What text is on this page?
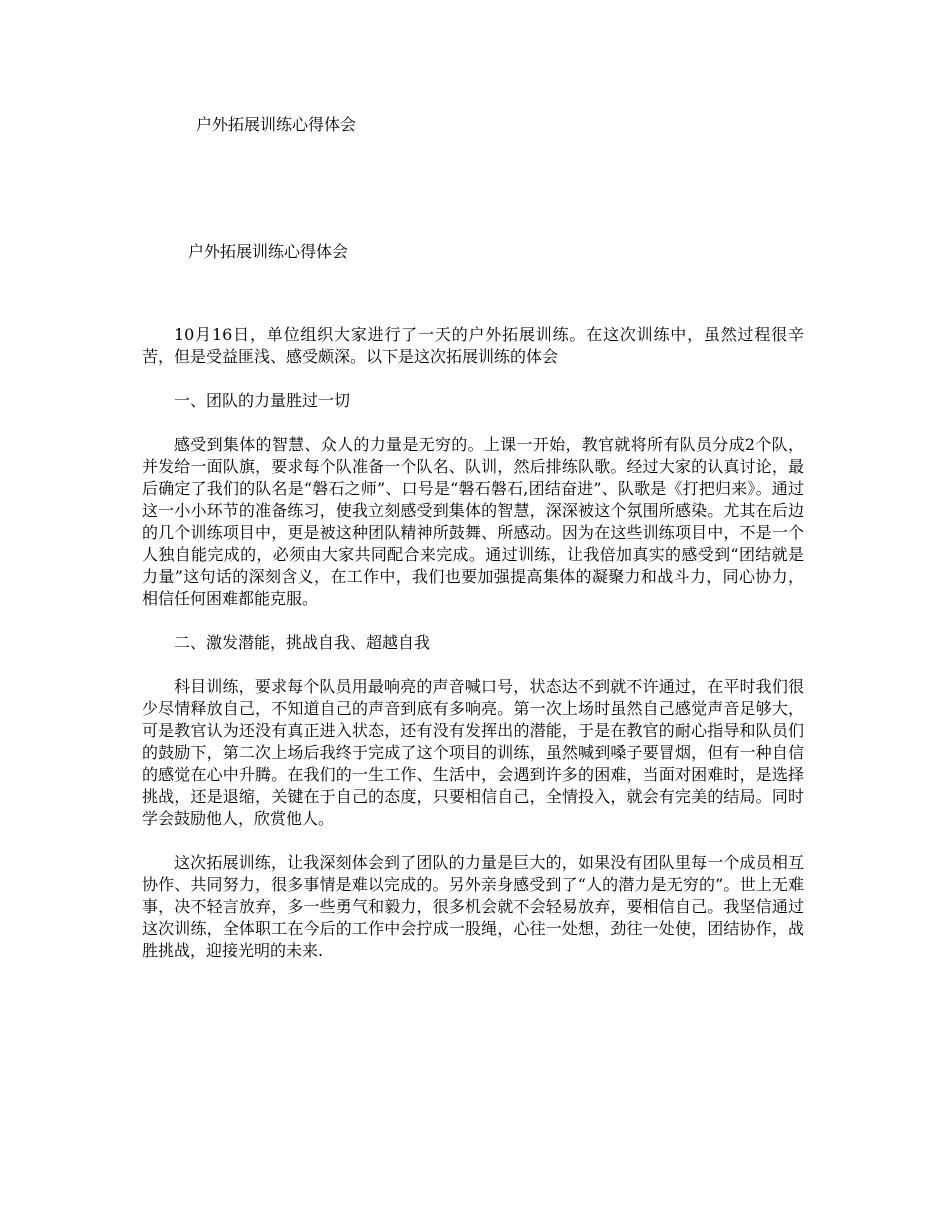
户外拓展训练心得体会
户外拓展训练心得体会

10月16日，单位组织大家进行了一天的户外拓展训练。在这次训练中，虽然过程很辛苦，但是受益匪浅、感受颇深。以下是这次拓展训练的体会

一、团队的力量胜过一切

感受到集体的智慧、众人的力量是无穷的。上课一开始，教官就将所有队员分成2个队，并发给一面队旗，要求每个队准备一个队名、队训，然后排练队歌。经过大家的认真讨论，最后确定了我们的队名是“磐石之师”、口号是“磐石磐石,团结奋进”、队歌是《打把归来》。通过这一小小环节的准备练习，使我立刻感受到集体的智慧，深深被这个氛围所感染。尤其在后边的几个训练项目中，更是被这种团队精神所鼓舞、所感动。因为在这些训练项目中，不是一个人独自能完成的，必须由大家共同配合来完成。通过训练，让我倍加真实的感受到“团结就是力量”这句话的深刻含义，在工作中，我们也要加强提高集体的凝聚力和战斗力，同心协力，相信任何困难都能克服。

二、激发潜能，挑战自我、超越自我

科目训练，要求每个队员用最响亮的声音喊口号，状态达不到就不许通过，在平时我们很少尽情释放自己，不知道自己的声音到底有多响亮。第一次上场时虽然自己感觉声音足够大，可是教官认为还没有真正进入状态，还有没有发挥出的潜能，于是在教官的耐心指导和队员们的鼓励下，第二次上场后我终于完成了这个项目的训练，虽然喊到嗓子要冒烟，但有一种自信的感觉在心中升腾。在我们的一生工作、生活中，会遇到许多的困难，当面对困难时，是选择挑战，还是退缩，关键在于自己的态度，只要相信自己，全情投入，就会有完美的结局。同时学会鼓励他人，欣赏他人。

这次拓展训练，让我深刻体会到了团队的力量是巨大的，如果没有团队里每一个成员相互协作、共同努力，很多事情是难以完成的。另外亲身感受到了“人的潜力是无穷的”。世上无难事，决不轻言放弃，多一些勇气和毅力，很多机会就不会轻易放弃，要相信自己。我坚信通过这次训练，全体职工在今后的工作中会拧成一股绳，心往一处想，劲往一处使，团结协作，战胜挑战，迎接光明的未来.
